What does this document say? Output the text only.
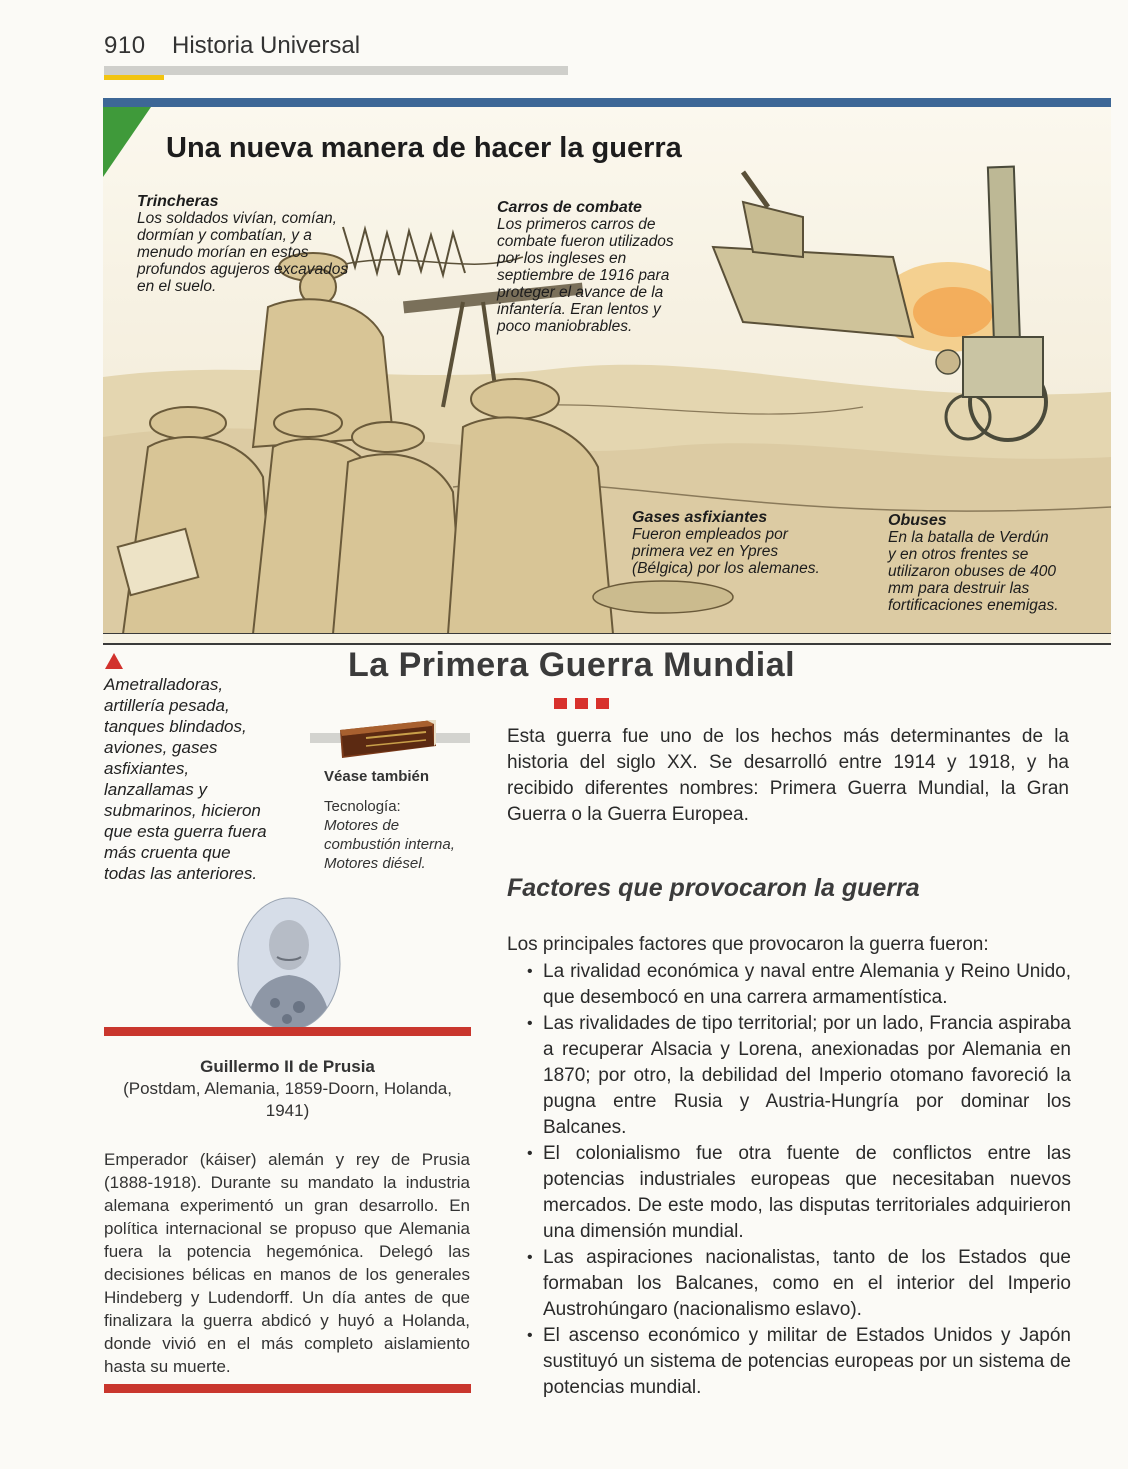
910 Historia Universal
Una nueva manera de hacer la guerra
Trincheras
Los soldados vivían, comían, dormían y combatían, y a menudo morían en estos profundos agujeros excavados en el suelo.
Carros de combate
Los primeros carros de combate fueron utilizados por los ingleses en septiembre de 1916 para proteger el avance de la infantería. Eran lentos y poco maniobrables.
Gases asfixiantes
Fueron empleados por primera vez en Ypres (Bélgica) por los alemanes.
Obuses
En la batalla de Verdún y en otros frentes se utilizaron obuses de 400 mm para destruir las fortificaciones enemigas.
Ametralladoras, artillería pesada, tanques blindados, aviones, gases asfixiantes, lanzallamas y submarinos, hicieron que esta guerra fuera más cruenta que todas las anteriores.
La Primera Guerra Mundial
Véase también
Tecnología:
Motores de combustión interna,
Motores diésel.
Esta guerra fue uno de los hechos más determinantes de la historia del siglo XX. Se desarrolló entre 1914 y 1918, y ha recibido diferentes nombres: Primera Guerra Mundial, la Gran Guerra o la Guerra Europea.
Factores que provocaron la guerra
Los principales factores que provocaron la guerra fueron:
• La rivalidad económica y naval entre Alemania y Reino Unido, que desembocó en una carrera armamentística.
• Las rivalidades de tipo territorial; por un lado, Francia aspiraba a recuperar Alsacia y Lorena, anexionadas por Alemania en 1870; por otro, la debilidad del Imperio otomano favoreció la pugna entre Rusia y Austria-Hungría por dominar los Balcanes.
• El colonialismo fue otra fuente de conflictos entre las potencias industriales europeas que necesitaban nuevos mercados. De este modo, las disputas territoriales adquirieron una dimensión mundial.
• Las aspiraciones nacionalistas, tanto de los Estados que formaban los Balcanes, como en el interior del Imperio Austrohúngaro (nacionalismo eslavo).
• El ascenso económico y militar de Estados Unidos y Japón sustituyó un sistema de potencias europeas por un sistema de potencias mundial.
Guillermo II de Prusia
(Postdam, Alemania, 1859-Doorn, Holanda, 1941)
Emperador (káiser) alemán y rey de Prusia (1888-1918). Durante su mandato la industria alemana experimentó un gran desarrollo. En política internacional se propuso que Alemania fuera la potencia hegemónica. Delegó las decisiones bélicas en manos de los generales Hindeberg y Ludendorff. Un día antes de que finalizara la guerra abdicó y huyó a Holanda, donde vivió en el más completo aislamiento hasta su muerte.
